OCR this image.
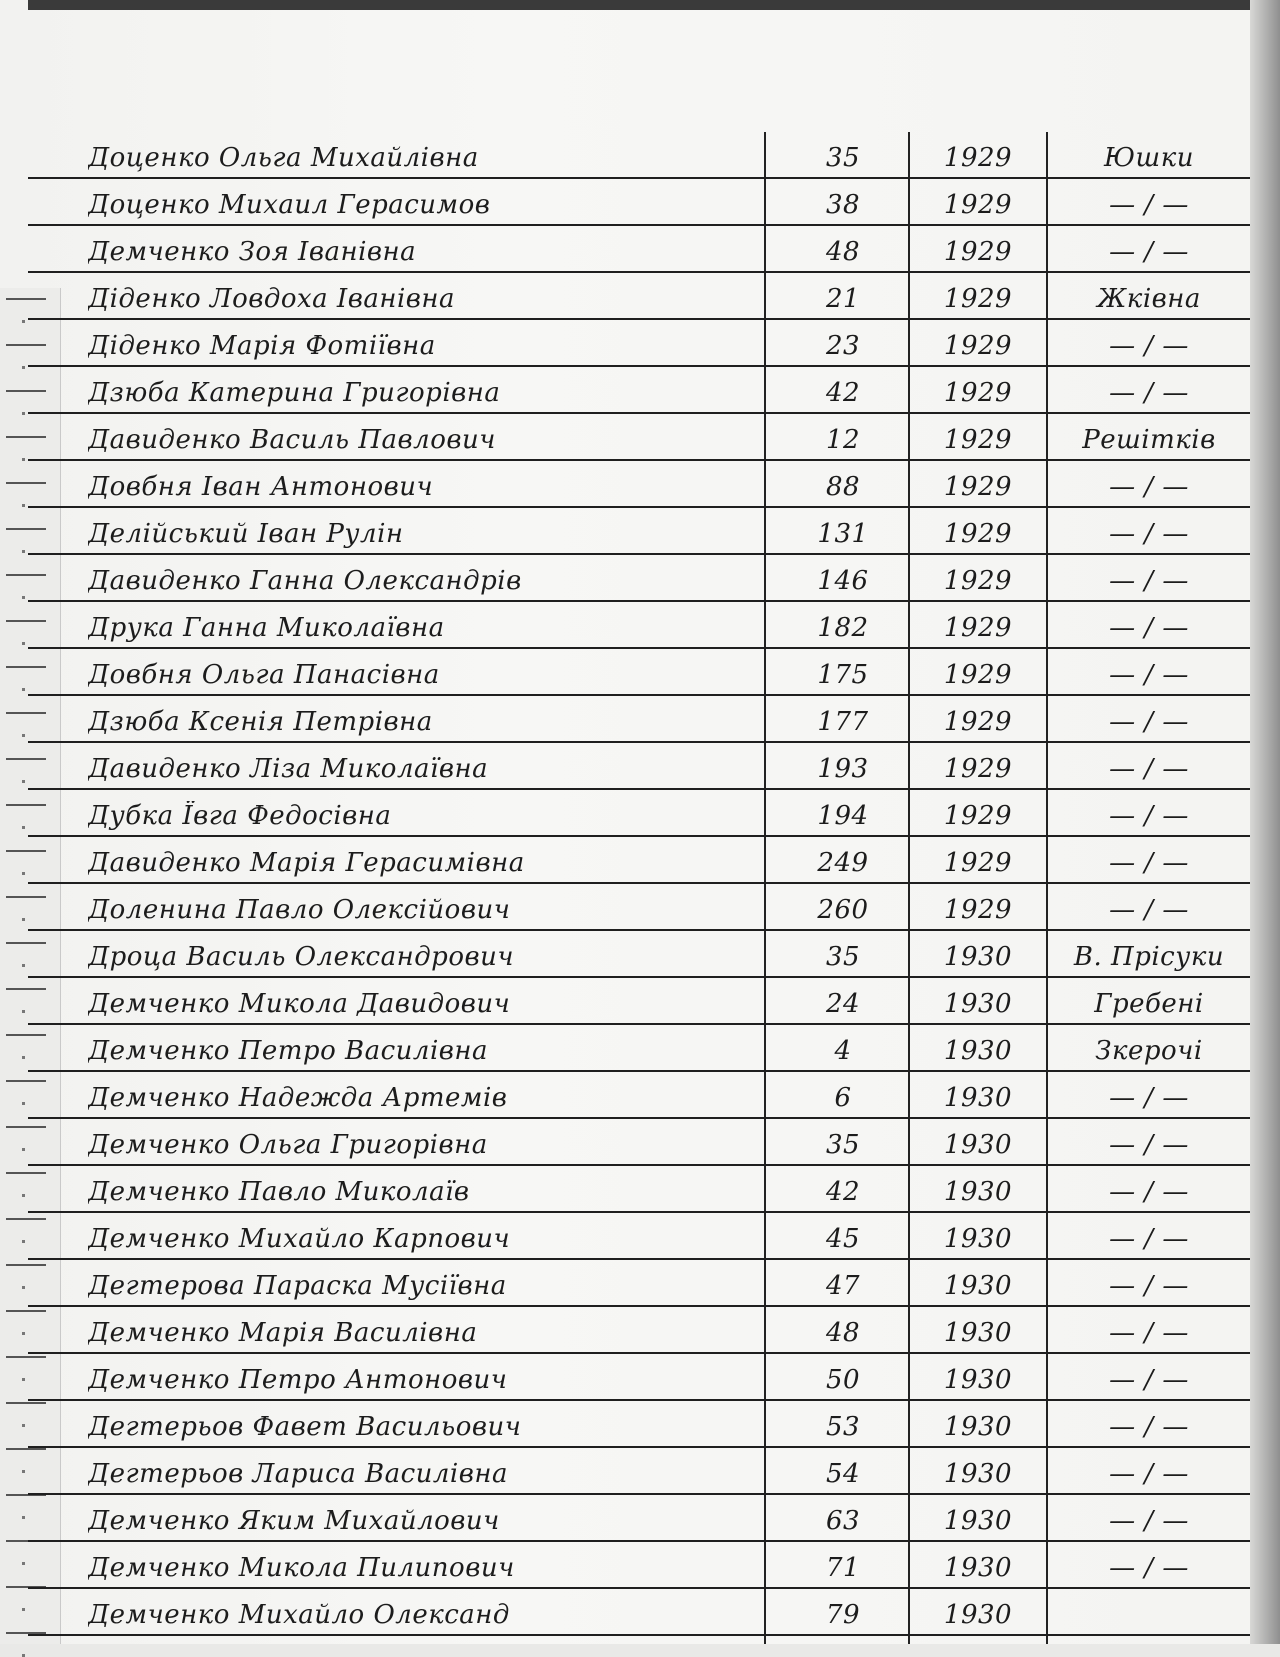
Доценко Ольга Михайлівна	35	1929	Юшки
Доценко Михаил Герасимов	38	1929	— / —
Демченко Зоя Іванівна	48	1929	— / —
Діденко Ловдоха Іванівна	21	1929	Жківна
Діденко Марія Фотіївна	23	1929	— / —
Дзюба Катерина Григорівна	42	1929	— / —
Давиденко Василь Павлович	12	1929	Решітків
Довбня Іван Антонович	88	1929	— / —
Делійський Іван Рулін	131	1929	— / —
Давиденко Ганна Олександрів	146	1929	— / —
Друка Ганна Миколаївна	182	1929	— / —
Довбня Ольга Панасівна	175	1929	— / —
Дзюба Ксенія Петрівна	177	1929	— / —
Давиденко Ліза Миколаївна	193	1929	— / —
Дубка Ївга Федосівна	194	1929	— / —
Давиденко Марія Герасимівна	249	1929	— / —
Доленина Павло Олексійович	260	1929	— / —
Дроца Василь Олександрович	35	1930	В. Прісуки
Демченко Микола Давидович	24	1930	Гребені
Демченко Петро Василівна	4	1930	Зкерочі
Демченко Надежда Артемів	6	1930	— / —
Демченко Ольга Григорівна	35	1930	— / —
Демченко Павло Миколаїв	42	1930	— / —
Демченко Михайло Карпович	45	1930	— / —
Дегтерова Параска Мусіївна	47	1930	— / —
Демченко Марія Василівна	48	1930	— / —
Демченко Петро Антонович	50	1930	— / —
Дегтерьов Фавет Васильович	53	1930	— / —
Дегтерьов Лариса Василівна	54	1930	— / —
Демченко Яким Михайлович	63	1930	— / —
Демченко Микола Пилипович	71	1930	— / —
Демченко Михайло Олександ	79	1930
